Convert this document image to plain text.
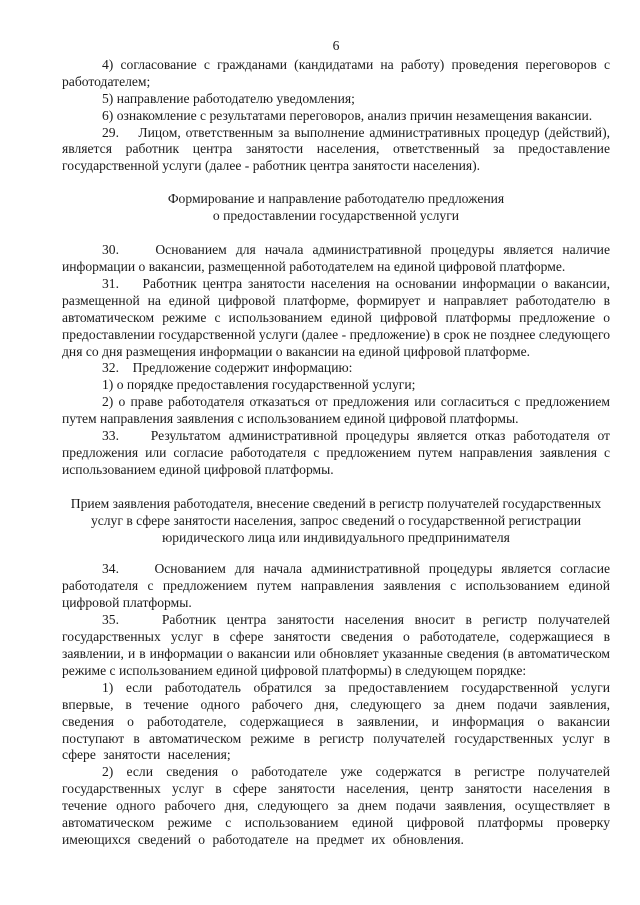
6

4) согласование с гражданами (кандидатами на работу) проведения переговоров с работодателем;

5) направление работодателю уведомления;

6) ознакомление с результатами переговоров, анализ причин незамещения вакансии.

29.    Лицом, ответственным за выполнение административных процедур (действий), является работник центра занятости населения, ответственный за предоставление государственной услуги (далее - работник центра занятости населения).

Формирование и направление работодателю предложения
о предоставлении государственной услуги

30.    Основанием для начала административной процедуры является наличие информации о вакансии, размещенной работодателем на единой цифровой платформе.

31.    Работник центра занятости населения на основании информации о вакансии, размещенной на единой цифровой платформе, формирует и направляет работодателю в автоматическом режиме с использованием единой цифровой платформы предложение о предоставлении государственной услуги (далее - предложение) в срок не позднее следующего дня со дня размещения информации о вакансии на единой цифровой платформе.

32.    Предложение содержит информацию:

1) о порядке предоставления государственной услуги;

2) о праве работодателя отказаться от предложения или согласиться с предложением путем направления заявления с использованием единой цифровой платформы.

33.    Результатом административной процедуры является отказ работодателя от предложения или согласие работодателя с предложением путем направления заявления с использованием единой цифровой платформы.

Прием заявления работодателя, внесение сведений в регистр получателей государственных
услуг в сфере занятости населения, запрос сведений о государственной регистрации
юридического лица или индивидуального предпринимателя

34.    Основанием для начала административной процедуры является согласие работодателя с предложением путем направления заявления с использованием единой цифровой платформы.

35.    Работник центра занятости населения вносит в регистр получателей государственных услуг в сфере занятости сведения о работодателе, содержащиеся в заявлении, и в информации о вакансии или обновляет указанные сведения (в автоматическом режиме с использованием единой цифровой платформы) в следующем порядке:

1) если работодатель обратился за предоставлением государственной услуги впервые, в течение одного рабочего дня, следующего за днем подачи заявления, сведения о работодателе, содержащиеся в заявлении, и информация о вакансии поступают в автоматическом режиме в регистр получателей государственных услуг в сфере занятости населения;

2) если сведения о работодателе уже содержатся в регистре получателей государственных услуг в сфере занятости населения, центр занятости населения в течение одного рабочего дня, следующего за днем подачи заявления, осуществляет в автоматическом режиме с использованием единой цифровой платформы проверку имеющихся сведений о работодателе на предмет их обновления.
